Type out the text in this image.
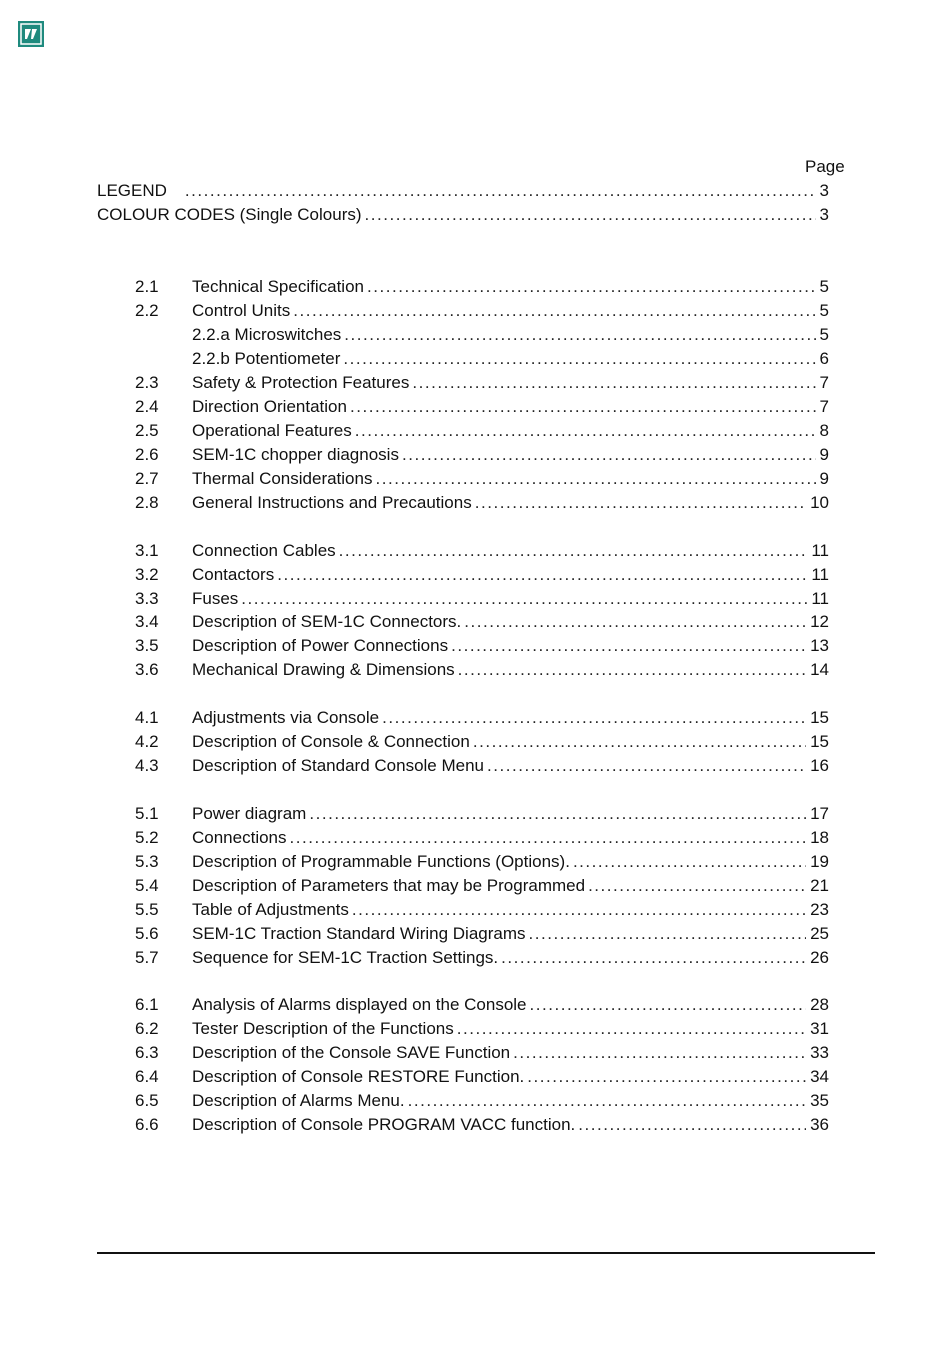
Page
LEGEND . . .	3
COLOUR CODES (Single Colours) . . .	3
2.1	Technical Specification . . .	5
2.2	Control Units . . .	5
2.2.a Microswitches . . .	5
2.2.b Potentiometer . . .	6
2.3	Safety & Protection Features . . .	7
2.4	Direction Orientation . . .	7
2.5	Operational Features . . .	8
2.6	SEM-1C chopper diagnosis . . .	9
2.7	Thermal Considerations . . .	9
2.8	General Instructions and Precautions . . .	10
3.1	Connection Cables . . .	11
3.2	Contactors . . .	11
3.3	Fuses . . .	11
3.4	Description of SEM-1C Connectors. . . .	12
3.5	Description of Power Connections . . .	13
3.6	Mechanical Drawing & Dimensions . . .	14
4.1	Adjustments via Console . . .	15
4.2	Description of Console & Connection . . .	15
4.3	Description of Standard Console Menu . . .	16
5.1	Power diagram . . .	17
5.2	Connections . . .	18
5.3	Description of Programmable Functions (Options). . . .	19
5.4	Description of Parameters that may be Programmed . . .	21
5.5	Table of Adjustments . . .	23
5.6	SEM-1C Traction Standard Wiring Diagrams . . .	25
5.7	Sequence for SEM-1C Traction Settings. . . .	26
6.1	Analysis of Alarms displayed on the Console . . .	28
6.2	Tester Description of the Functions . . .	31
6.3	Description of the Console SAVE Function . . .	33
6.4	Description of Console RESTORE Function. . . .	34
6.5	Description of Alarms Menu. . . .	35
6.6	Description of Console PROGRAM VACC function. . . .	36
